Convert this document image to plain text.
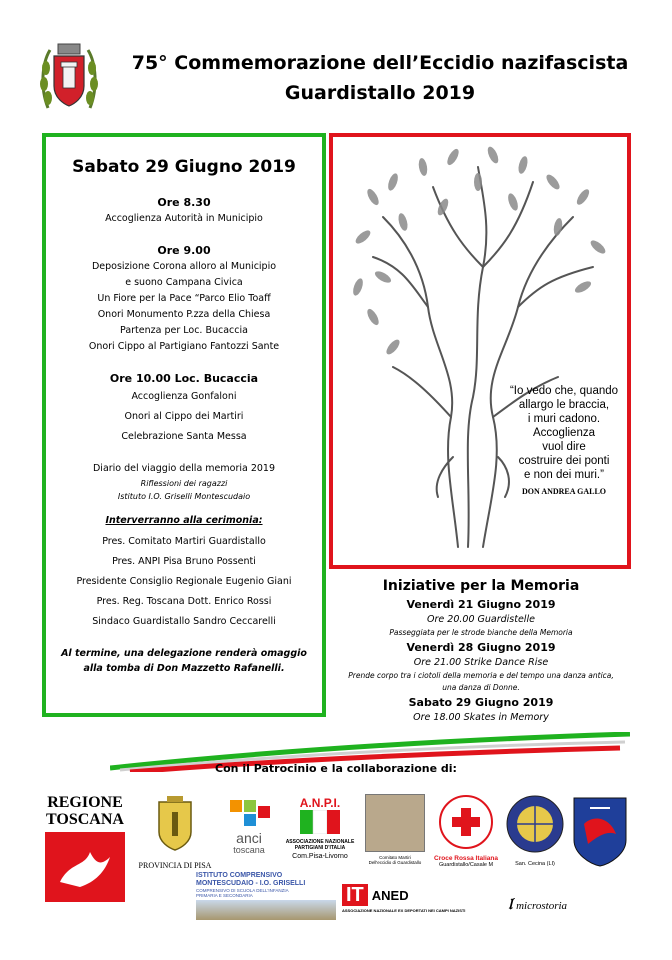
75° Commemorazione dell’Eccidio nazifascista
Guardistallo 2019
Sabato 29 Giugno 2019
Ore 8.30
Accoglienza Autorità in Municipio
Ore 9.00
Deposizione Corona allorо al Municipio
e suono Campana Civica
Un Fiore per la Pace “Parco Elio Toaff
Onori Monumento P.zza della Chiesa
Partenza per Loc. Bucaccia
Onori Cippo al Partigiano Fantozzi Sante
Ore 10.00 Loc. Bucaccia
Accoglienza Gonfaloni
Onori al Cippo dei Martiri
Celebrazione Santa Messa
Diario del viaggio della memoria 2019
Riflessioni dei ragazzi
Istituto I.O. Griselli Montescudaio
Interverranno alla cerimonia:
Pres. Comitato Martiri Guardistallo
Pres. ANPI Pisa Bruno Possenti
Presidente Consiglio Regionale Eugenio Giani
Pres. Reg. Toscana Dott. Enrico Rossi
Sindaco Guardistallo Sandro Ceccarelli
Al termine, una delegazione renderà omaggio
alla tomba di Don Mazzetto Rafanelli.
“Io vedo che, quando
allargo le braccia,
i muri cadono.
Accoglienza
vuol dire
costruire dei ponti
e non dei muri.”
DON ANDREA GALLO
Iniziative per la Memoria
Venerdì 21 Giugno 2019
Ore 20.00 Guardistelle
Passeggiata per le strode bianche della Memoria
Venerdì 28 Giugno 2019
Ore 21.00 Strike Dance Rise
Prende corpo tra i ciotoli della memoria e del tempo una danza antica, una danza di Donne.
Sabato 29 Giugno 2019
Ore 18.00 Skates in Memory
Con il Patrocinio e la collaborazione di:
REGIONE
TOSCANA
PROVINCIA DI PISA
anci
toscana
A.N.P.I.
ASSOCIAZIONE NAZIONALE
PARTIGIANI D'ITALIA
Com.Pisa-Livorno	Comitato Martiri
Dell'eccidio di Guardistallo
Croce Rossa Italiana
Guardistallo/Casale M	San. Cecina (LI)
ISTITUTO COMPRENSIVO
MONTESCUDAIO - I.O. GRISELLI
COMPRENSIVO DI SCUOLA DELL'INFANZIA
PRIMARIA E SECONDARIA	IT ANED
ASSOCIAZIONE NAZIONALE EX DEPORTATI NEI CAMPI NAZISTI	𝔩 microstoria
